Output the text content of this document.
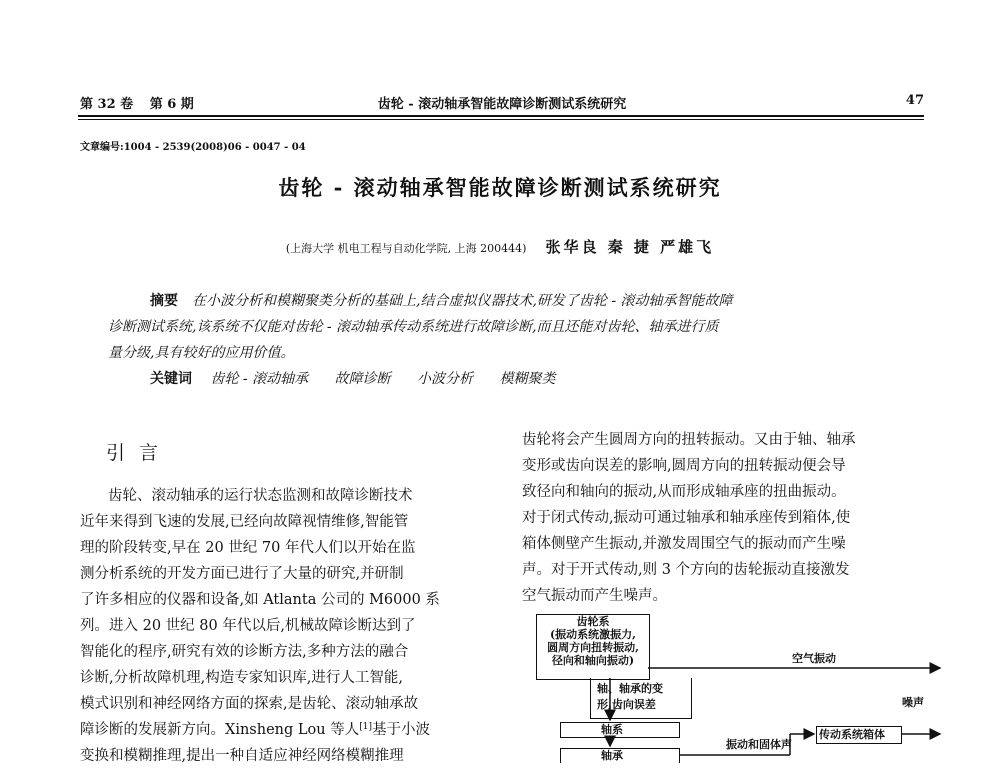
第 32 卷 第 6 期	齿轮 - 滚动轴承智能故障诊断测试系统研究	47
文章编号:1004 - 2539(2008)06 - 0047 - 04
齿轮 - 滚动轴承智能故障诊断测试系统研究
(上海大学 机电工程与自动化学院, 上海 200444) 张华良 秦 捷 严雄飞
摘要 在小波分析和模糊聚类分析的基础上,结合虚拟仪器技术,研发了齿轮 - 滚动轴承智能故障
诊断测试系统,该系统不仅能对齿轮 - 滚动轴承传动系统进行故障诊断,而且还能对齿轮、轴承进行质
量分级,具有较好的应用价值。
关键词 齿轮 - 滚动轴承 故障诊断 小波分析 模糊聚类
引 言
齿轮、滚动轴承的运行状态监测和故障诊断技术
近年来得到飞速的发展,已经向故障视情维修,智能管
理的阶段转变,早在 20 世纪 70 年代人们以开始在监
测分析系统的开发方面已进行了大量的研究,并研制
了许多相应的仪器和设备,如 Atlanta 公司的 M6000 系
列。进入 20 世纪 80 年代以后,机械故障诊断达到了
智能化的程序,研究有效的诊断方法,多种方法的融合
诊断,分析故障机理,构造专家知识库,进行人工智能,
模式识别和神经网络方面的探索,是齿轮、滚动轴承故
障诊断的发展新方向。Xinsheng Lou 等人[1]基于小波
变换和模糊推理,提出一种自适应神经网络模糊推理
齿轮将会产生圆周方向的扭转振动。又由于轴、轴承
变形或齿向误差的影响,圆周方向的扭转振动便会导
致径向和轴向的振动,从而形成轴承座的扭曲振动。
对于闭式传动,振动可通过轴承和轴承座传到箱体,使
箱体侧壁产生振动,并激发周围空气的振动而产生噪
声。对于开式传动,则 3 个方向的齿轮振动直接激发
空气振动而产生噪声。
齿轮系
(振动系统激振力,
圆周方向扭转振动,
径向和轴向振动)
轴、轴承的变
形,齿向误差
轴系
轴承
空气振动
噪声
振动和固体声
传动系统箱体
